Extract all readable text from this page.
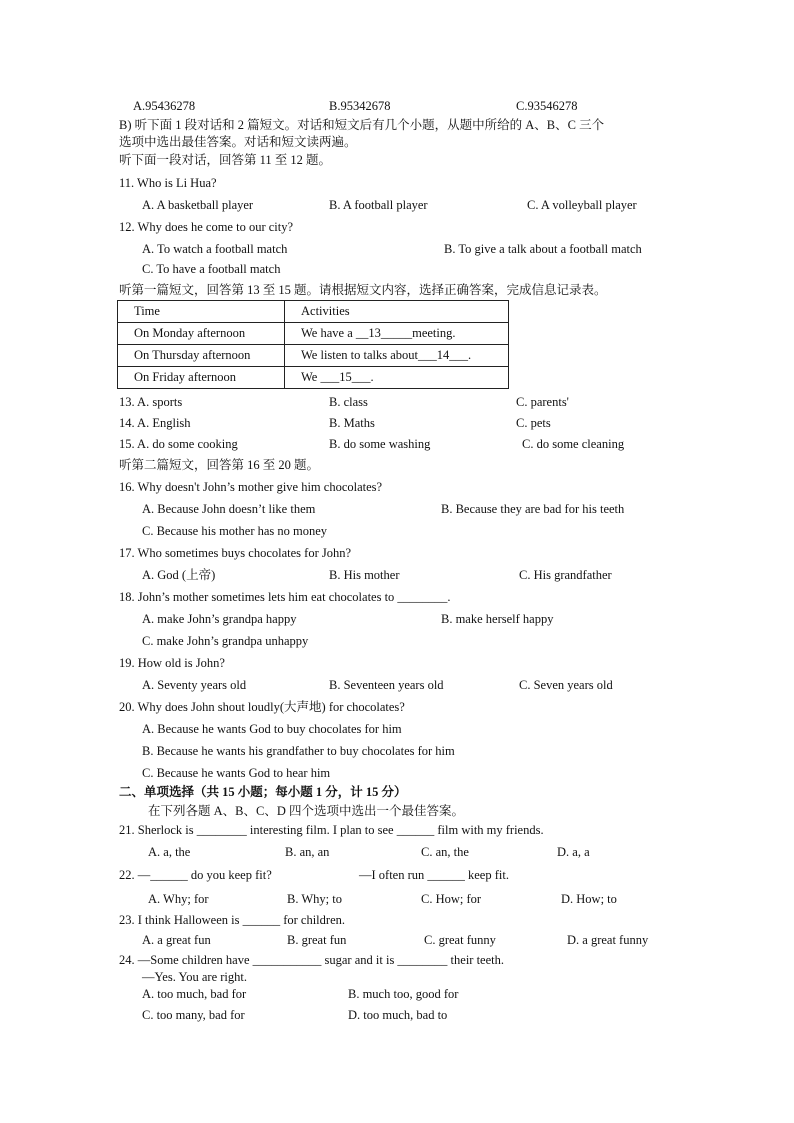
A.95436278	B.95342678	C.93546278
B) 听下面 1 段对话和 2 篇短文。对话和短文后有几个小题，从题中所给的 A、B、C 三个
选项中选出最佳答案。对话和短文读两遍。
听下面一段对话，回答第 11 至 12 题。
11. Who is Li Hua?
A. A basketball player	B. A football player	C. A volleyball player
12. Why does he come to our city?
A. To watch a football match	B. To give a talk about a football match
C. To have a football match
听第一篇短文，回答第 13 至 15 题。请根据短文内容，选择正确答案，完成信息记录表。
Time	Activities
On Monday afternoon	We have a __13_____meeting.
On Thursday afternoon	We listen to talks about___14___.
On Friday afternoon	We ___15___.
13. A. sports	B. class	C. parents'
14. A. English	B. Maths	C. pets
15. A. do some cooking	B. do some washing	C. do some cleaning
听第二篇短文，回答第 16 至 20 题。
16. Why doesn't John’s mother give him chocolates?
A. Because John doesn’t like them	B. Because they are bad for his teeth
C. Because his mother has no money
17. Who sometimes buys chocolates for John?
A. God (上帝)	B. His mother	C. His grandfather
18. John’s mother sometimes lets him eat chocolates to ________.
A. make John’s grandpa happy	B. make herself happy
C. make John’s grandpa unhappy
19. How old is John?
A. Seventy years old	B. Seventeen years old	C. Seven years old
20. Why does John shout loudly(大声地) for chocolates?
A. Because he wants God to buy chocolates for him
B. Because he wants his grandfather to buy chocolates for him
C. Because he wants God to hear him
二、单项选择（共 15 小题；每小题 1 分，计 15 分）
在下列各题 A、B、C、D 四个选项中选出一个最佳答案。
21. Sherlock is ________ interesting film. I plan to see ______ film with my friends.
A. a, the	B. an, an	C. an, the	D. a, a
22. —______ do you keep fit?	—I often run ______ keep fit.
A. Why; for	B. Why; to	C. How; for	D. How; to
23. I think Halloween is ______ for children.
A. a great fun	B. great fun	C. great funny	D. a great funny
24. —Some children have ___________ sugar and it is ________ their teeth.
—Yes. You are right.
A. too much, bad for	B. much too, good for
C. too many, bad for	D. too much, bad to
